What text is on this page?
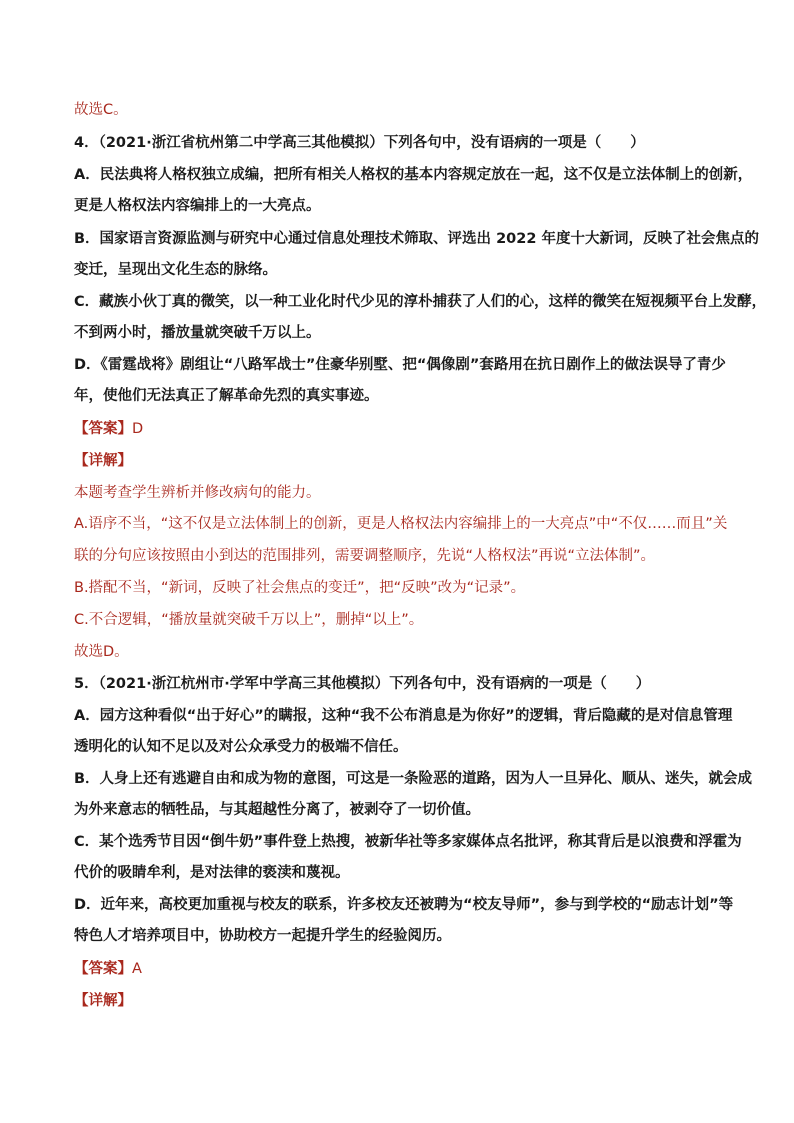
故选C。
4．（2021·浙江省杭州第二中学高三其他模拟）下列各句中，没有语病的一项是（　　）
A．民法典将人格权独立成编，把所有相关人格权的基本内容规定放在一起，这不仅是立法体制上的创新，
更是人格权法内容编排上的一大亮点。
B．国家语言资源监测与研究中心通过信息处理技术筛取、评选出 2022 年度十大新词，反映了社会焦点的
变迁，呈现出文化生态的脉络。
C．藏族小伙丁真的微笑，以一种工业化时代少见的淳朴捕获了人们的心，这样的微笑在短视频平台上发酵，
不到两小时，播放量就突破千万以上。
D．《雷霆战将》剧组让“八路军战士”住豪华别墅、把“偶像剧”套路用在抗日剧作上的做法误导了青少
年，使他们无法真正了解革命先烈的真实事迹。
【答案】D
【详解】
本题考查学生辨析并修改病句的能力。
A.语序不当，“这不仅是立法体制上的创新，更是人格权法内容编排上的一大亮点”中“不仅……而且”关
联的分句应该按照由小到达的范围排列，需要调整顺序，先说“人格权法”再说“立法体制”。
B.搭配不当，“新词，反映了社会焦点的变迁”，把“反映”改为“记录”。
C.不合逻辑，“播放量就突破千万以上”，删掉“以上”。
故选D。
5．（2021·浙江杭州市·学军中学高三其他模拟）下列各句中，没有语病的一项是（　　）
A．园方这种看似“出于好心”的瞒报，这种“我不公布消息是为你好”的逻辑，背后隐藏的是对信息管理
透明化的认知不足以及对公众承受力的极端不信任。
B．人身上还有逃避自由和成为物的意图，可这是一条险恶的道路，因为人一旦异化、顺从、迷失，就会成
为外来意志的牺牲品，与其超越性分离了，被剥夺了一切价值。
C．某个选秀节目因“倒牛奶”事件登上热搜，被新华社等多家媒体点名批评，称其背后是以浪费和浮霍为
代价的吸睛牟利，是对法律的亵渎和蔑视。
D．近年来，高校更加重视与校友的联系，许多校友还被聘为“校友导师”，参与到学校的“励志计划”等
特色人才培养项目中，协助校方一起提升学生的经验阅历。
【答案】A
【详解】
